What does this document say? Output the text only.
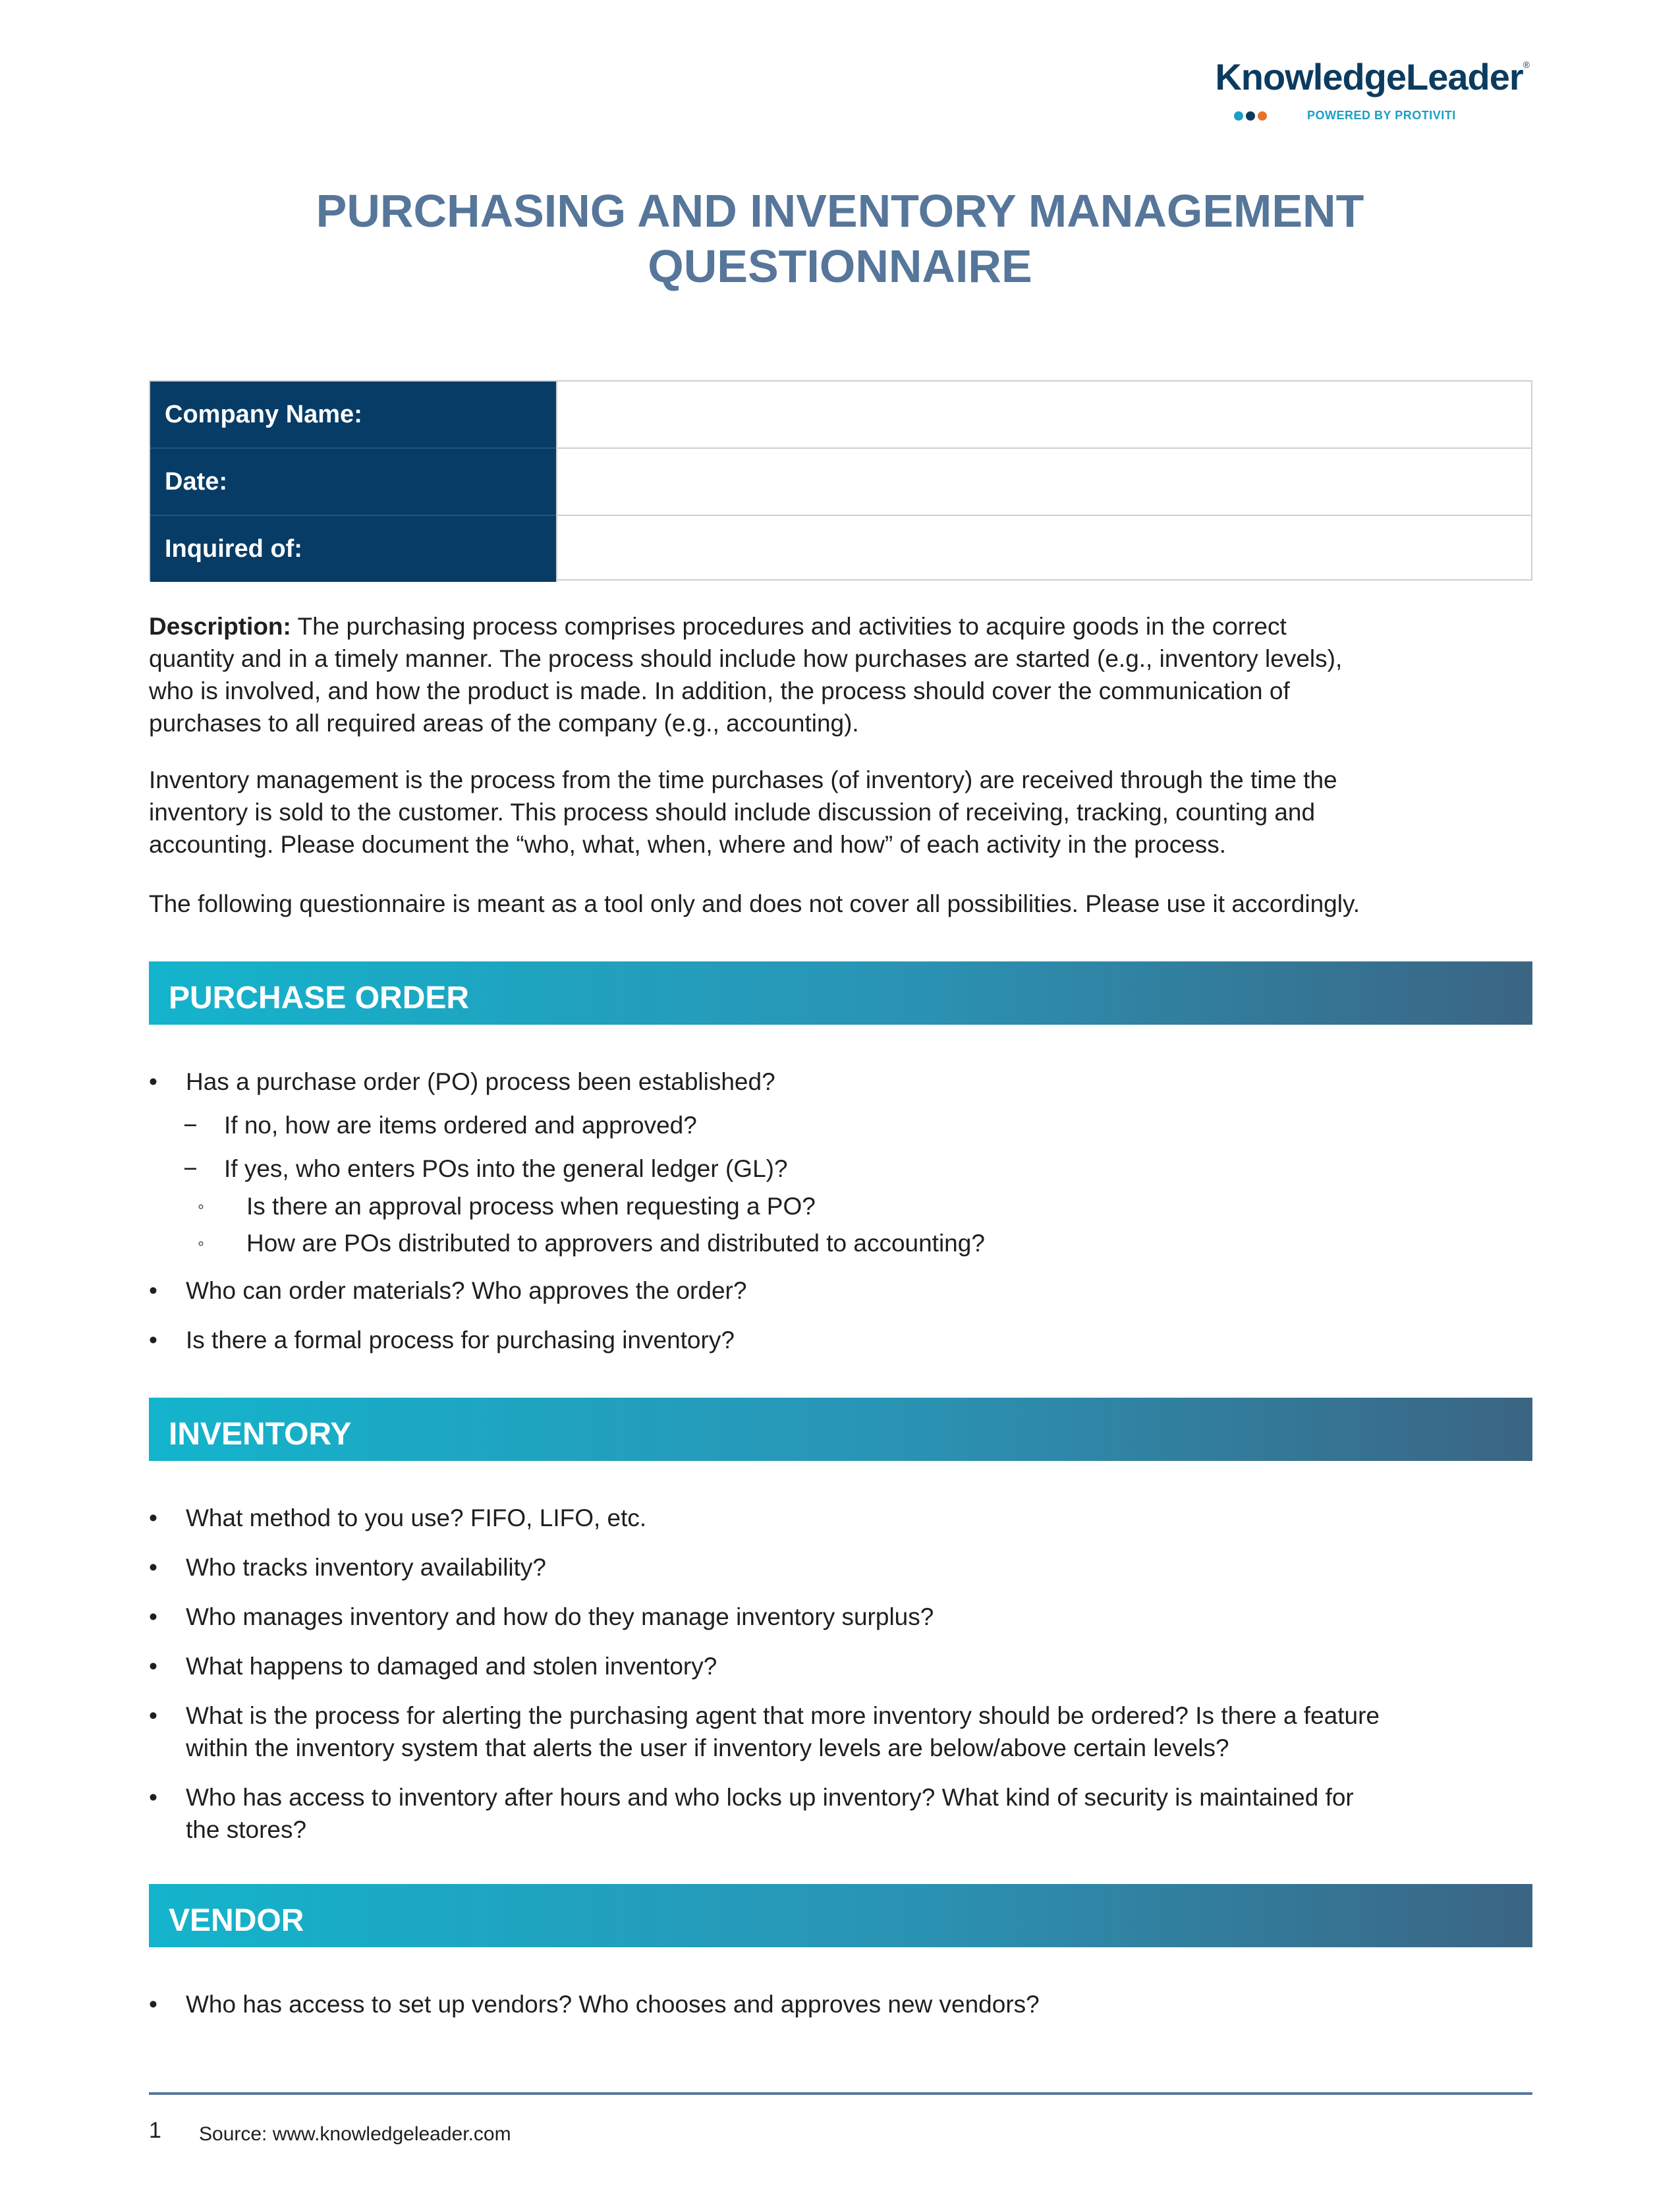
KnowledgeLeader®
POWERED BY PROTIVITI
PURCHASING AND INVENTORY MANAGEMENT
QUESTIONNAIRE
Company Name:
Date:
Inquired of:
Description: The purchasing process comprises procedures and activities to acquire goods in the correct
quantity and in a timely manner. The process should include how purchases are started (e.g., inventory levels),
who is involved, and how the product is made. In addition, the process should cover the communication of
purchases to all required areas of the company (e.g., accounting).
Inventory management is the process from the time purchases (of inventory) are received through the time the
inventory is sold to the customer. This process should include discussion of receiving, tracking, counting and
accounting. Please document the “who, what, when, where and how” of each activity in the process.
The following questionnaire is meant as a tool only and does not cover all possibilities. Please use it accordingly.
PURCHASE ORDER
• Has a purchase order (PO) process been established?
− If no, how are items ordered and approved?
− If yes, who enters POs into the general ledger (GL)?
◦ Is there an approval process when requesting a PO?
◦ How are POs distributed to approvers and distributed to accounting?
• Who can order materials? Who approves the order?
• Is there a formal process for purchasing inventory?
INVENTORY
• What method to you use? FIFO, LIFO, etc.
• Who tracks inventory availability?
• Who manages inventory and how do they manage inventory surplus?
• What happens to damaged and stolen inventory?
• What is the process for alerting the purchasing agent that more inventory should be ordered? Is there a feature
within the inventory system that alerts the user if inventory levels are below/above certain levels?
• Who has access to inventory after hours and who locks up inventory? What kind of security is maintained for
the stores?
VENDOR
• Who has access to set up vendors? Who chooses and approves new vendors?
1 Source: www.knowledgeleader.com
